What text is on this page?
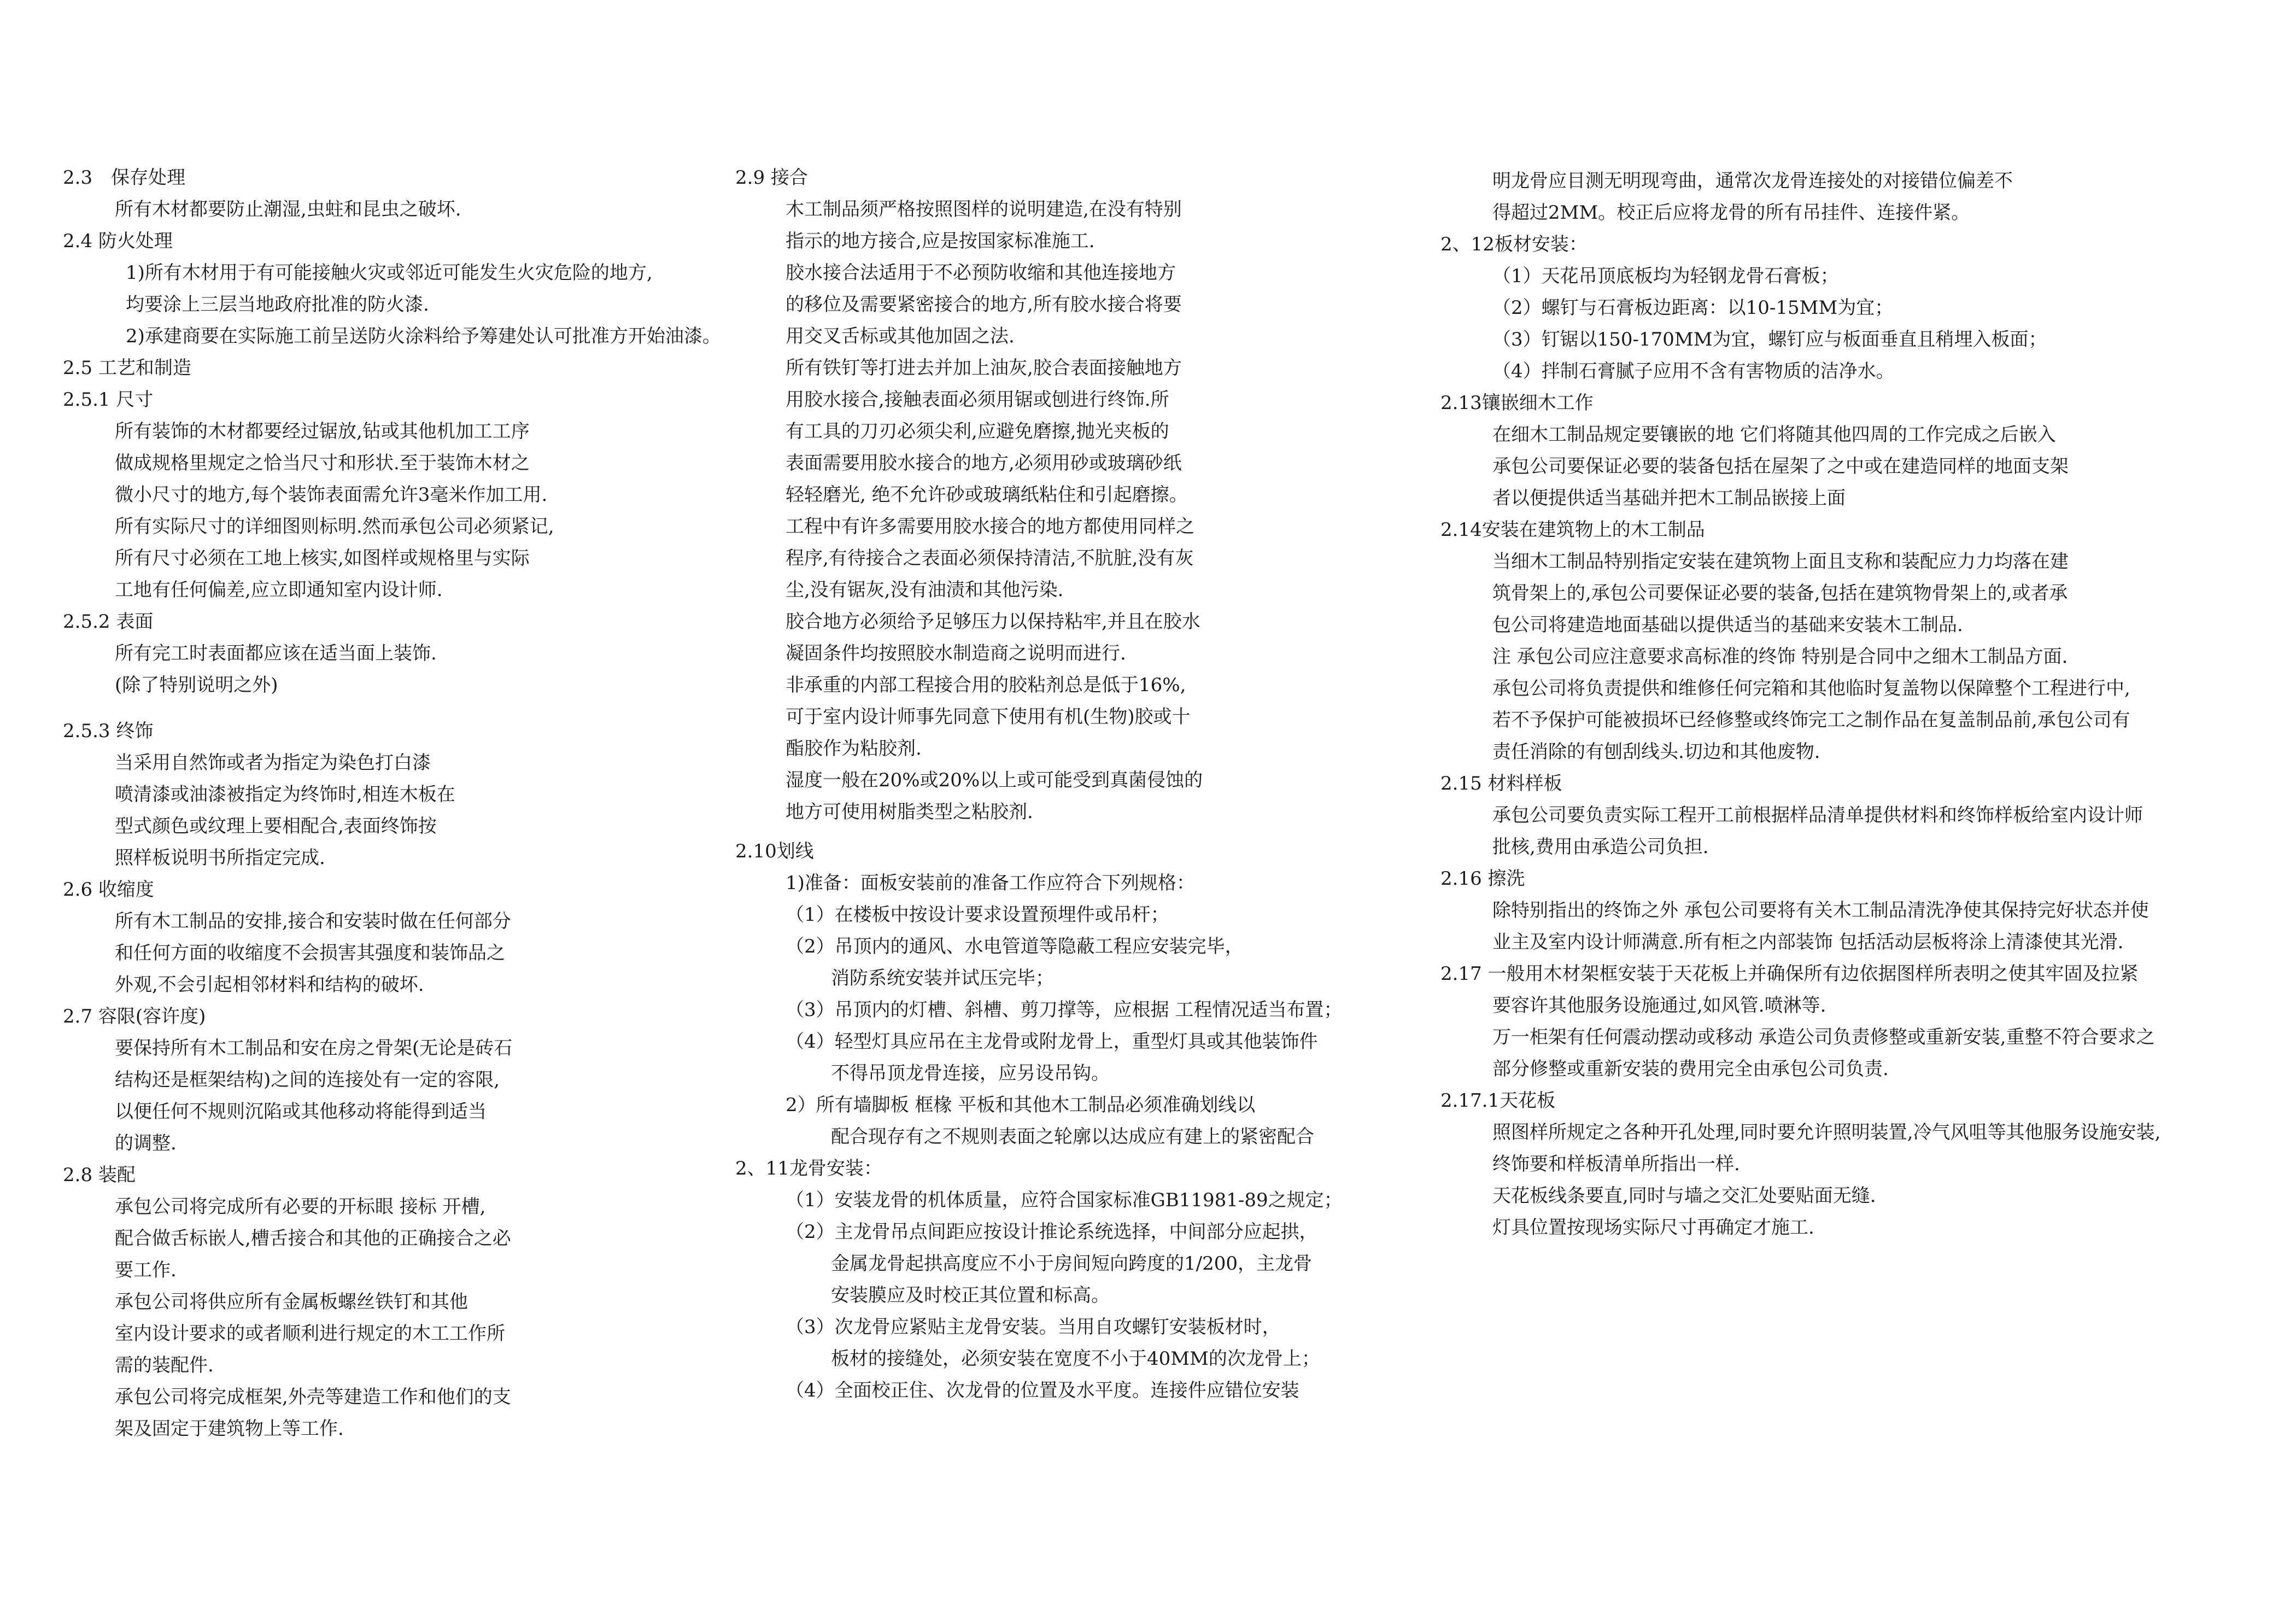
2.3　保存处理
所有木材都要防止潮湿,虫蛀和昆虫之破坏.
2.4 防火处理
1)所有木材用于有可能接触火灾或邻近可能发生火灾危险的地方,
均要涂上三层当地政府批准的防火漆.
2)承建商要在实际施工前呈送防火涂料给予筹建处认可批准方开始油漆。
2.5 工艺和制造
2.5.1 尺寸
所有装饰的木材都要经过锯放,钻或其他机加工工序
做成规格里规定之恰当尺寸和形状.至于装饰木材之
微小尺寸的地方,每个装饰表面需允许3毫米作加工用.
所有实际尺寸的详细图则标明.然而承包公司必须紧记,
所有尺寸必须在工地上核实,如图样或规格里与实际
工地有任何偏差,应立即通知室内设计师.
2.5.2 表面
所有完工时表面都应该在适当面上装饰.
(除了特别说明之外)
2.5.3 终饰
当采用自然饰或者为指定为染色打白漆
喷清漆或油漆被指定为终饰时,相连木板在
型式颜色或纹理上要相配合,表面终饰按
照样板说明书所指定完成.
2.6 收缩度
所有木工制品的安排,接合和安装时做在任何部分
和任何方面的收缩度不会损害其强度和装饰品之
外观,不会引起相邻材料和结构的破坏.
2.7 容限(容许度)
要保持所有木工制品和安在房之骨架(无论是砖石
结构还是框架结构)之间的连接处有一定的容限,
以便任何不规则沉陷或其他移动将能得到适当
的调整.
2.8 装配
承包公司将完成所有必要的开标眼 接标 开槽,
配合做舌标嵌人,槽舌接合和其他的正确接合之必
要工作.
承包公司将供应所有金属板螺丝铁钉和其他
室内设计要求的或者顺利进行规定的木工工作所
需的装配件.
承包公司将完成框架,外壳等建造工作和他们的支
架及固定于建筑物上等工作.
2.9 接合
木工制品须严格按照图样的说明建造,在没有特别
指示的地方接合,应是按国家标准施工.
胶水接合法适用于不必预防收缩和其他连接地方
的移位及需要紧密接合的地方,所有胶水接合将要
用交叉舌标或其他加固之法.
所有铁钉等打进去并加上油灰,胶合表面接触地方
用胶水接合,接触表面必须用锯或刨进行终饰.所
有工具的刀刃必须尖利,应避免磨擦,抛光夹板的
表面需要用胶水接合的地方,必须用砂或玻璃砂纸
轻轻磨光, 绝不允许砂或玻璃纸粘住和引起磨擦。
工程中有许多需要用胶水接合的地方都使用同样之
程序,有待接合之表面必须保持清洁,不肮脏,没有灰
尘,没有锯灰,没有油渍和其他污染.
胶合地方必须给予足够压力以保持粘牢,并且在胶水
凝固条件均按照胶水制造商之说明而进行.
非承重的内部工程接合用的胶粘剂总是低于16%,
可于室内设计师事先同意下使用有机(生物)胶或十
酯胶作为粘胶剂.
湿度一般在20%或20%以上或可能受到真菌侵蚀的
地方可使用树脂类型之粘胶剂.
2.10划线
1)准备：面板安装前的准备工作应符合下列规格：
（1）在楼板中按设计要求设置预埋件或吊杆；
（2）吊顶内的通风、水电管道等隐蔽工程应安装完毕，
消防系统安装并试压完毕；
（3）吊顶内的灯槽、斜槽、剪刀撑等，应根据 工程情况适当布置；
（4）轻型灯具应吊在主龙骨或附龙骨上，重型灯具或其他装饰件
不得吊顶龙骨连接，应另设吊钩。
2）所有墙脚板 框椽 平板和其他木工制品必须准确划线以
配合现存有之不规则表面之轮廓以达成应有建上的紧密配合
2、11龙骨安装：
（1）安装龙骨的机体质量，应符合国家标准GB11981-89之规定；
（2）主龙骨吊点间距应按设计推论系统选择，中间部分应起拱，
金属龙骨起拱高度应不小于房间短向跨度的1/200，主龙骨
安装膜应及时校正其位置和标高。
（3）次龙骨应紧贴主龙骨安装。当用自攻螺钉安装板材时，
板材的接缝处，必须安装在宽度不小于40MM的次龙骨上；
（4）全面校正住、次龙骨的位置及水平度。连接件应错位安装
明龙骨应目测无明现弯曲，通常次龙骨连接处的对接错位偏差不
得超过2MM。校正后应将龙骨的所有吊挂件、连接件紧。
2、12板材安装：
（1）天花吊顶底板均为轻钢龙骨石膏板；
（2）螺钉与石膏板边距离：以10-15MM为宜；
（3）钉锯以150-170MM为宜，螺钉应与板面垂直且稍埋入板面；
（4）拌制石膏腻子应用不含有害物质的洁净水。
2.13镶嵌细木工作
在细木工制品规定要镶嵌的地 它们将随其他四周的工作完成之后嵌入
承包公司要保证必要的装备包括在屋架了之中或在建造同样的地面支架
者以便提供适当基础并把木工制品嵌接上面
2.14安装在建筑物上的木工制品
当细木工制品特别指定安装在建筑物上面且支称和装配应力力均落在建
筑骨架上的,承包公司要保证必要的装备,包括在建筑物骨架上的,或者承
包公司将建造地面基础以提供适当的基础来安装木工制品.
注 承包公司应注意要求高标准的终饰 特别是合同中之细木工制品方面.
承包公司将负责提供和维修任何完箱和其他临时复盖物以保障整个工程进行中,
若不予保护可能被损坏已经修整或终饰完工之制作品在复盖制品前,承包公司有
责任消除的有刨刮线头.切边和其他废物.
2.15 材料样板
承包公司要负责实际工程开工前根据样品清单提供材料和终饰样板给室内设计师
批核,费用由承造公司负担.
2.16 擦洗
除特别指出的终饰之外 承包公司要将有关木工制品清洗净使其保持完好状态并使
业主及室内设计师满意.所有柜之内部装饰 包括活动层板将涂上清漆使其光滑.
2.17 一般用木材架框安装于天花板上并确保所有边依据图样所表明之使其牢固及拉紧
要容许其他服务设施通过,如风管.喷淋等.
万一柜架有任何震动摆动或移动 承造公司负责修整或重新安装,重整不符合要求之
部分修整或重新安装的费用完全由承包公司负责.
2.17.1天花板
照图样所规定之各种开孔处理,同时要允许照明装置,冷气风咀等其他服务设施安装,
终饰要和样板清单所指出一样.
天花板线条要直,同时与墙之交汇处要贴面无缝.
灯具位置按现场实际尺寸再确定才施工.
